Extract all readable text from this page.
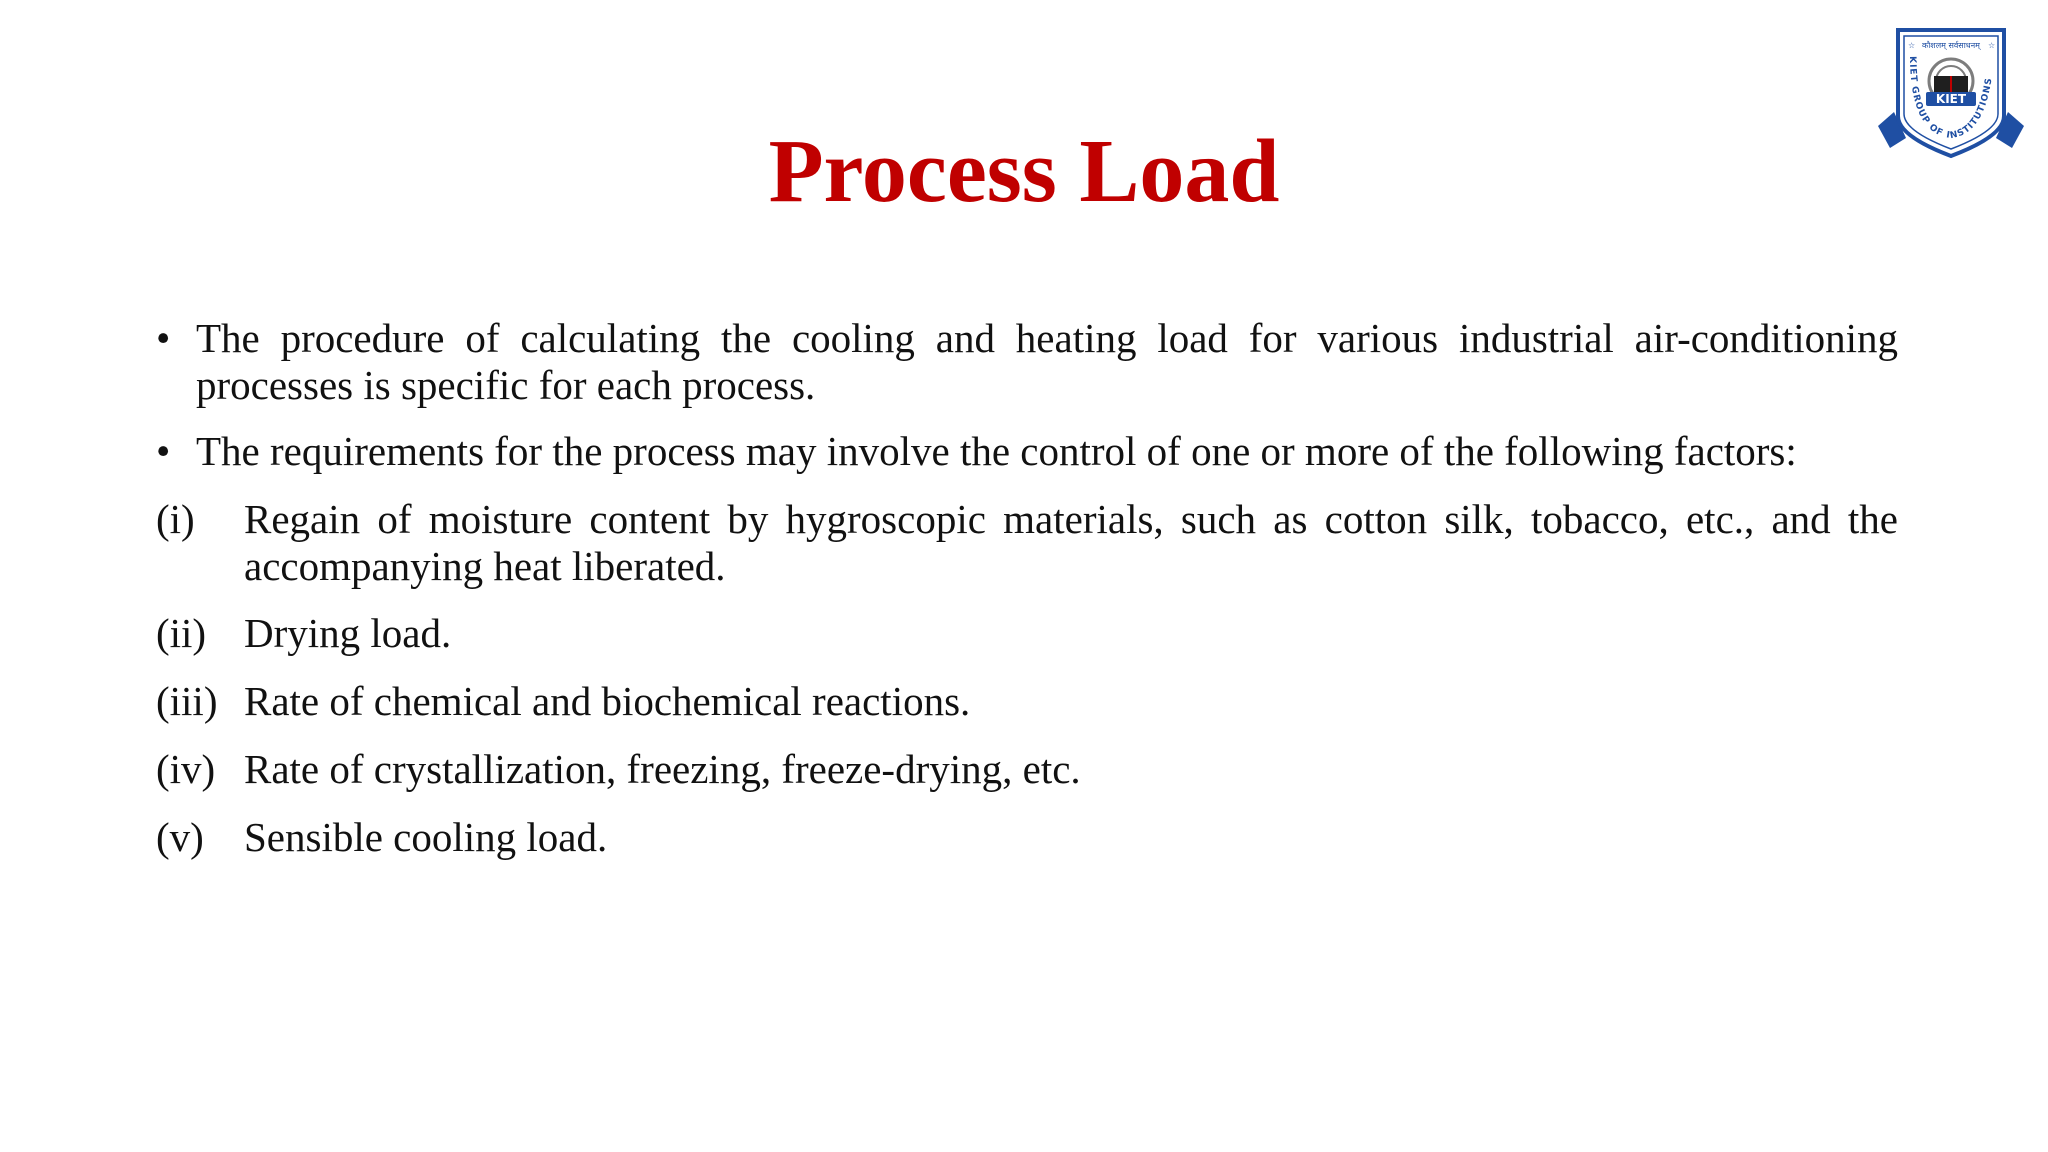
कौशलम् सर्वसाधनम्
KIET
KIET GROUP OF INSTITUTIONS
☆	☆
Process Load
• The procedure of calculating the cooling and heating load for various industrial air-conditioning processes is specific for each process.
• The requirements for the process may involve the control of one or more of the following factors:
(i) Regain of moisture content by hygroscopic materials, such as cotton silk, tobacco, etc., and the accompanying heat liberated.
(ii) Drying load.
(iii) Rate of chemical and biochemical reactions.
(iv) Rate of crystallization, freezing, freeze-drying, etc.
(v) Sensible cooling load.
